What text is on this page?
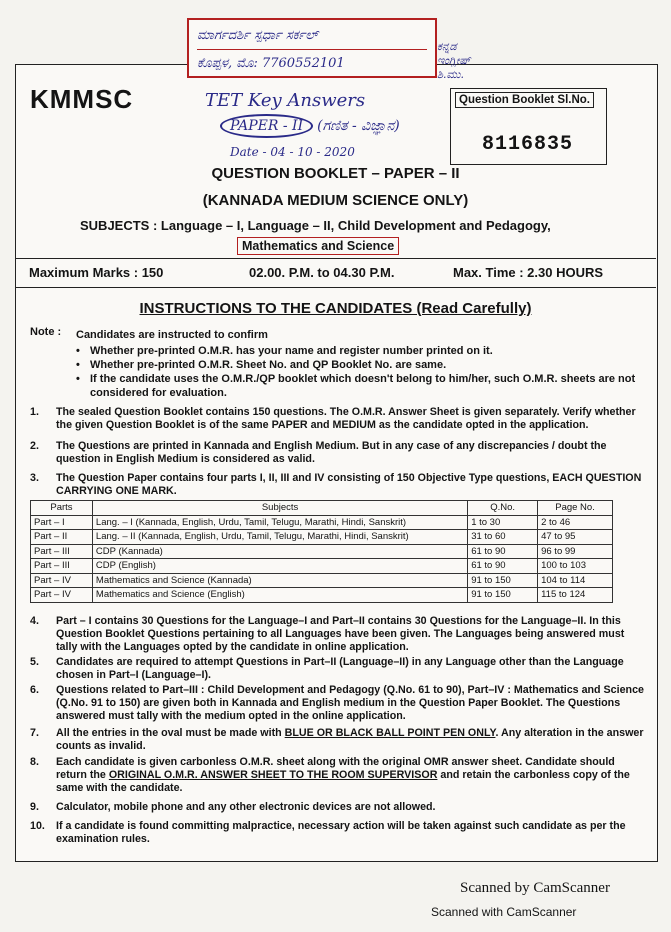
ಮಾರ್ಗದರ್ಶಿ ಸ್ಪರ್ಧಾ ಸರ್ಕಲ್
ಕೊಪ್ಪಳ, ಮೊ: 7760552101
ಕನ್ನಡ
ಇಂಗ್ಲೀಷ್
ಶಿ.ಮು.
KMMSC	TET Key Answers
PAPER - II (ಗಣಿತ - ವಿಜ್ಞಾನ)
Date - 04 - 10 - 2020
Question Booklet Sl.No.
8116835
QUESTION BOOKLET – PAPER – II
(KANNADA MEDIUM SCIENCE ONLY)
SUBJECTS : Language – I, Language – II, Child Development and Pedagogy,
Mathematics and Science
Maximum Marks : 150	02.00. P.M. to 04.30 P.M.	Max. Time : 2.30 HOURS
INSTRUCTIONS TO THE CANDIDATES (Read Carefully)
Note : Candidates are instructed to confirm
• Whether pre-printed O.M.R. has your name and register number printed on it.
• Whether pre-printed O.M.R. Sheet No. and QP Booklet No. are same.
• If the candidate uses the O.M.R./QP booklet which doesn't belong to him/her, such O.M.R. sheets are not considered for evaluation.
1. The sealed Question Booklet contains 150 questions. The O.M.R. Answer Sheet is given separately. Verify whether the given Question Booklet is of the same PAPER and MEDIUM as the candidate opted in the application.
2. The Questions are printed in Kannada and English Medium. But in any case of any discrepancies / doubt the question in English Medium is considered as valid.
3. The Question Paper contains four parts I, II, III and IV consisting of 150 Objective Type questions, EACH QUESTION CARRYING ONE MARK.
Parts	Subjects	Q.No.	Page No.
Part – I	Lang. – I (Kannada, English, Urdu, Tamil, Telugu, Marathi, Hindi, Sanskrit)	1 to 30	2 to 46
Part – II	Lang. – II (Kannada, English, Urdu, Tamil, Telugu, Marathi, Hindi, Sanskrit)	31 to 60	47 to 95
Part – III	CDP (Kannada)	61 to 90	96 to 99
Part – III	CDP (English)	61 to 90	100 to 103
Part – IV	Mathematics and Science (Kannada)	91 to 150	104 to 114
Part – IV	Mathematics and Science (English)	91 to 150	115 to 124
4. Part – I contains 30 Questions for the Language–I and Part–II contains 30 Questions for the Language–II. In this Question Booklet Questions pertaining to all Languages have been given. The Languages being answered must tally with the Languages opted by the candidate in online application.
5. Candidates are required to attempt Questions in Part–II (Language–II) in any Language other than the Language chosen in Part–I (Language–I).
6. Questions related to Part–III : Child Development and Pedagogy (Q.No. 61 to 90), Part–IV : Mathematics and Science (Q.No. 91 to 150) are given both in Kannada and English medium in the Question Paper Booklet. The Questions answered must tally with the medium opted in the online application.
7. All the entries in the oval must be made with BLUE OR BLACK BALL POINT PEN ONLY. Any alteration in the answer counts as invalid.
8. Each candidate is given carbonless O.M.R. sheet along with the original OMR answer sheet. Candidate should return the ORIGINAL O.M.R. ANSWER SHEET TO THE ROOM SUPERVISOR and retain the carbonless copy of the same with the candidate.
9. Calculator, mobile phone and any other electronic devices are not allowed.
10. If a candidate is found committing malpractice, necessary action will be taken against such candidate as per the examination rules.
Scanned by CamScanner
Scanned with CamScanner
